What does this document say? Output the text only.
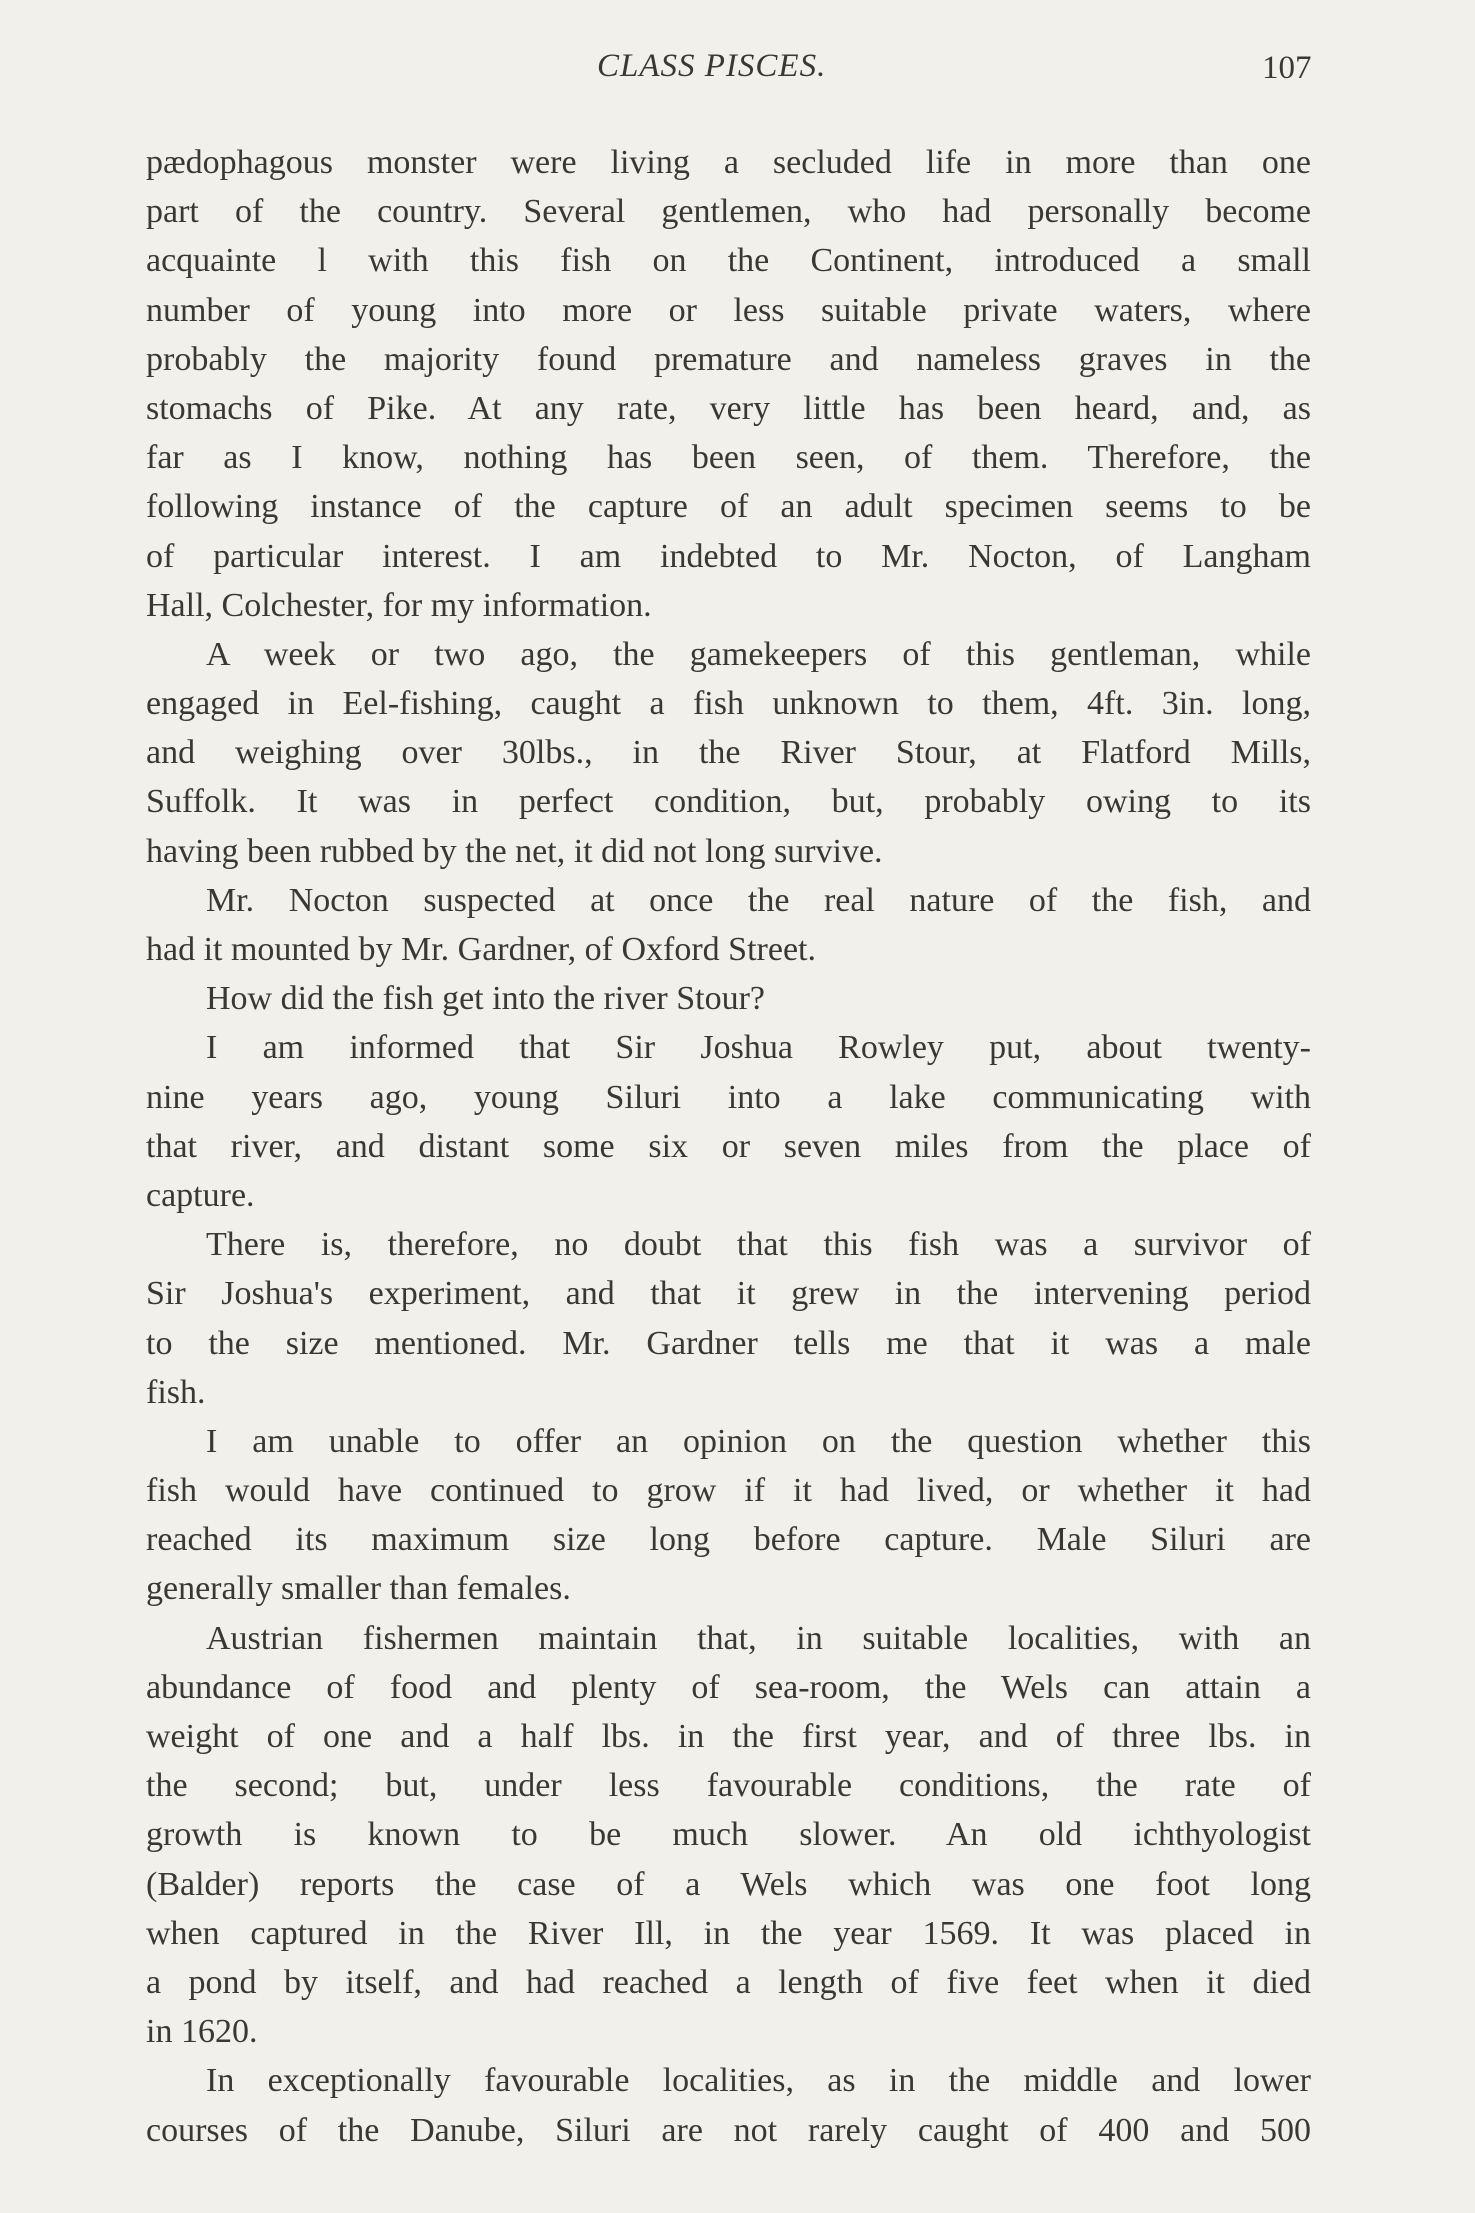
CLASS PISCES.	107
pædophagous monster were living a secluded life in more than one
part of the country. Several gentlemen, who had personally become
acquainte l with this fish on the Continent, introduced a small
number of young into more or less suitable private waters, where
probably the majority found premature and nameless graves in the
stomachs of Pike. At any rate, very little has been heard, and, as
far as I know, nothing has been seen, of them. Therefore, the
following instance of the capture of an adult specimen seems to be
of particular interest. I am indebted to Mr. Nocton, of Langham
Hall, Colchester, for my information.
A week or two ago, the gamekeepers of this gentleman, while
engaged in Eel-fishing, caught a fish unknown to them, 4ft. 3in. long,
and weighing over 30lbs., in the River Stour, at Flatford Mills,
Suffolk. It was in perfect condition, but, probably owing to its
having been rubbed by the net, it did not long survive.
Mr. Nocton suspected at once the real nature of the fish, and
had it mounted by Mr. Gardner, of Oxford Street.
How did the fish get into the river Stour?
I am informed that Sir Joshua Rowley put, about twenty-
nine years ago, young Siluri into a lake communicating with
that river, and distant some six or seven miles from the place of
capture.
There is, therefore, no doubt that this fish was a survivor of
Sir Joshua's experiment, and that it grew in the intervening period
to the size mentioned. Mr. Gardner tells me that it was a male
fish.
I am unable to offer an opinion on the question whether this
fish would have continued to grow if it had lived, or whether it had
reached its maximum size long before capture. Male Siluri are
generally smaller than females.
Austrian fishermen maintain that, in suitable localities, with an
abundance of food and plenty of sea-room, the Wels can attain a
weight of one and a half lbs. in the first year, and of three lbs. in
the second; but, under less favourable conditions, the rate of
growth is known to be much slower. An old ichthyologist
(Balder) reports the case of a Wels which was one foot long
when captured in the River Ill, in the year 1569. It was placed in
a pond by itself, and had reached a length of five feet when it died
in 1620.
In exceptionally favourable localities, as in the middle and lower
courses of the Danube, Siluri are not rarely caught of 400 and 500
